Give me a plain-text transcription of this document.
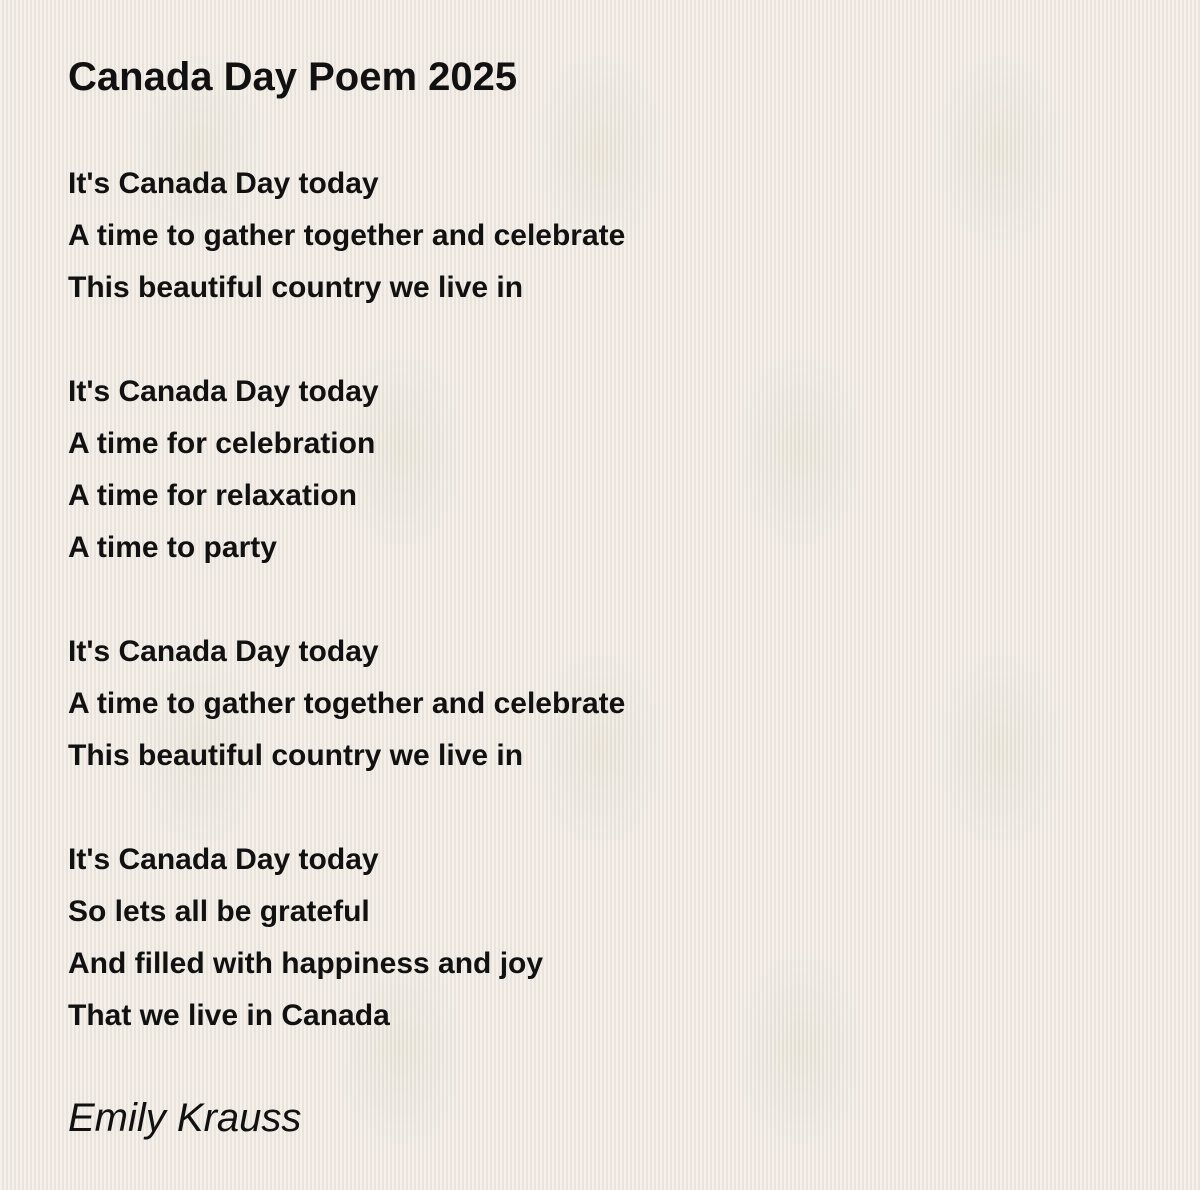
Canada Day Poem 2025
It's Canada Day today
A time to gather together and celebrate
This beautiful country we live in
It's Canada Day today
A time for celebration
A time for relaxation
A time to party
It's Canada Day today
A time to gather together and celebrate
This beautiful country we live in
It's Canada Day today
So lets all be grateful
And filled with happiness and joy
That we live in Canada
Emily Krauss
